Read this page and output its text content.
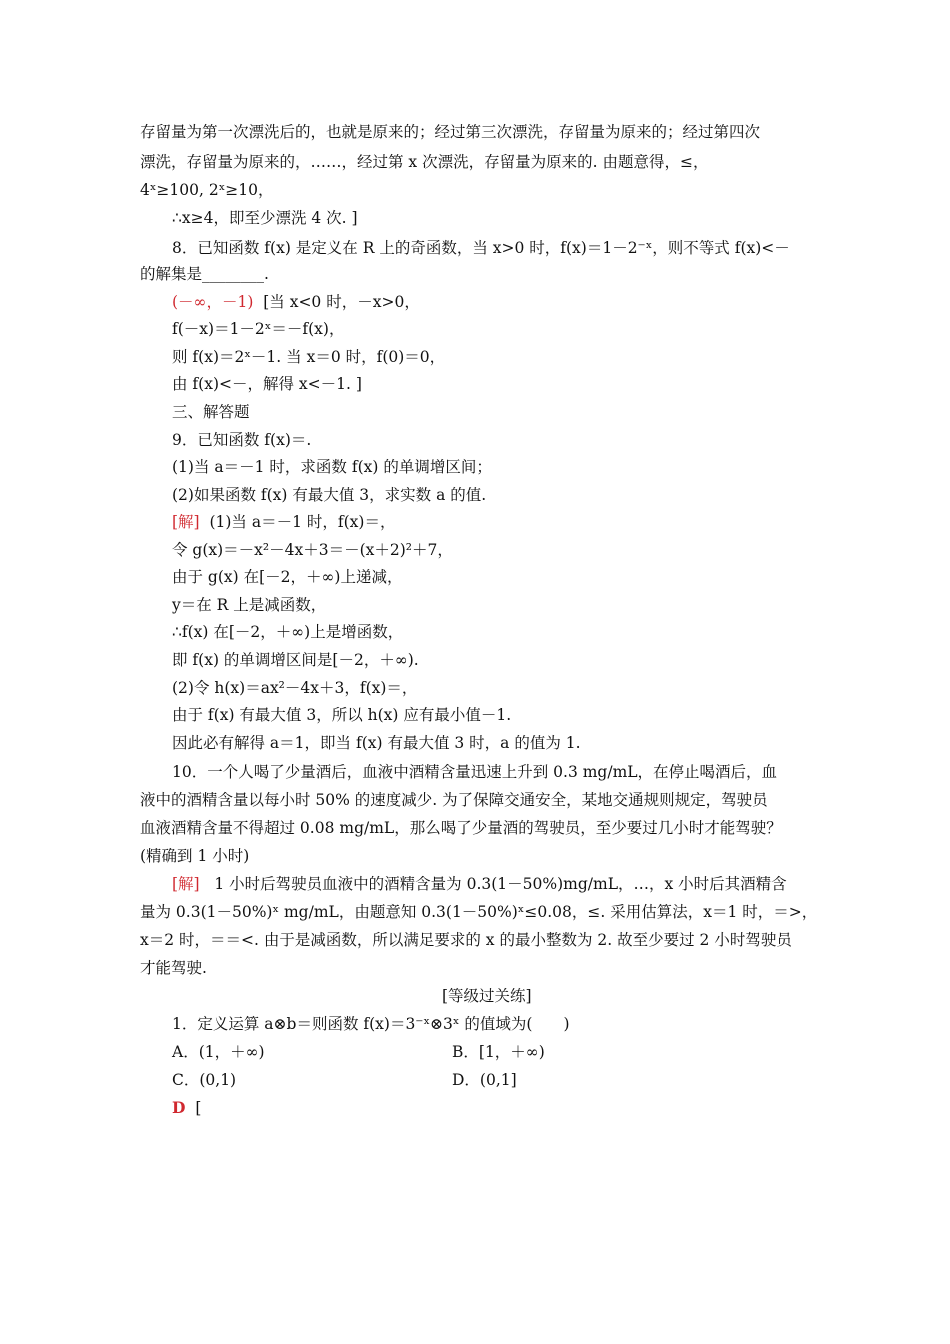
存留量为第一次漂洗后的，也就是原来的；经过第三次漂洗，存留量为原来的；经过第四次
漂洗，存留量为原来的，……，经过第 x 次漂洗，存留量为原来的. 由题意得，≤，
4ˣ≥100, 2ˣ≥10，
∴x≥4，即至少漂洗 4 次. ]
8．已知函数 f(x) 是定义在 R 上的奇函数，当 x>0 时，f(x)＝1－2⁻ˣ，则不等式 f(x)<－
的解集是________.
(－∞，－1) [当 x<0 时，－x>0，
f(－x)＝1－2ˣ＝－f(x)，
则 f(x)＝2ˣ－1. 当 x＝0 时，f(0)＝0，
由 f(x)<－，解得 x<－1. ]
三、解答题
9．已知函数 f(x)＝.
(1)当 a＝－1 时，求函数 f(x) 的单调增区间；
(2)如果函数 f(x) 有最大值 3，求实数 a 的值.
[解] (1)当 a＝－1 时，f(x)＝，
令 g(x)＝－x²－4x＋3＝－(x＋2)²＋7，
由于 g(x) 在[－2，＋∞)上递减，
y＝在 R 上是减函数，
∴f(x) 在[－2，＋∞)上是增函数，
即 f(x) 的单调增区间是[－2，＋∞).
(2)令 h(x)＝ax²－4x＋3，f(x)＝，
由于 f(x) 有最大值 3，所以 h(x) 应有最小值－1.
因此必有解得 a＝1，即当 f(x) 有最大值 3 时，a 的值为 1.
10．一个人喝了少量酒后，血液中酒精含量迅速上升到 0.3 mg/mL，在停止喝酒后，血
液中的酒精含量以每小时 50% 的速度减少. 为了保障交通安全，某地交通规则规定，驾驶员
血液酒精含量不得超过 0.08 mg/mL，那么喝了少量酒的驾驶员，至少要过几小时才能驾驶？
(精确到 1 小时)
[解] 1 小时后驾驶员血液中的酒精含量为 0.3(1－50%)mg/mL，…，x 小时后其酒精含
量为 0.3(1－50%)ˣ mg/mL，由题意知 0.3(1－50%)ˣ≤0.08，≤. 采用估算法，x＝1 时，＝>，
x＝2 时，＝＝<. 由于是减函数，所以满足要求的 x 的最小整数为 2. 故至少要过 2 小时驾驶员
才能驾驶.
[等级过关练]
1．定义运算 a⊗b＝则函数 f(x)＝3⁻ˣ⊗3ˣ 的值域为(　　)
A．(1，＋∞)	B．[1，＋∞)
C．(0,1)	D．(0,1]
D [
